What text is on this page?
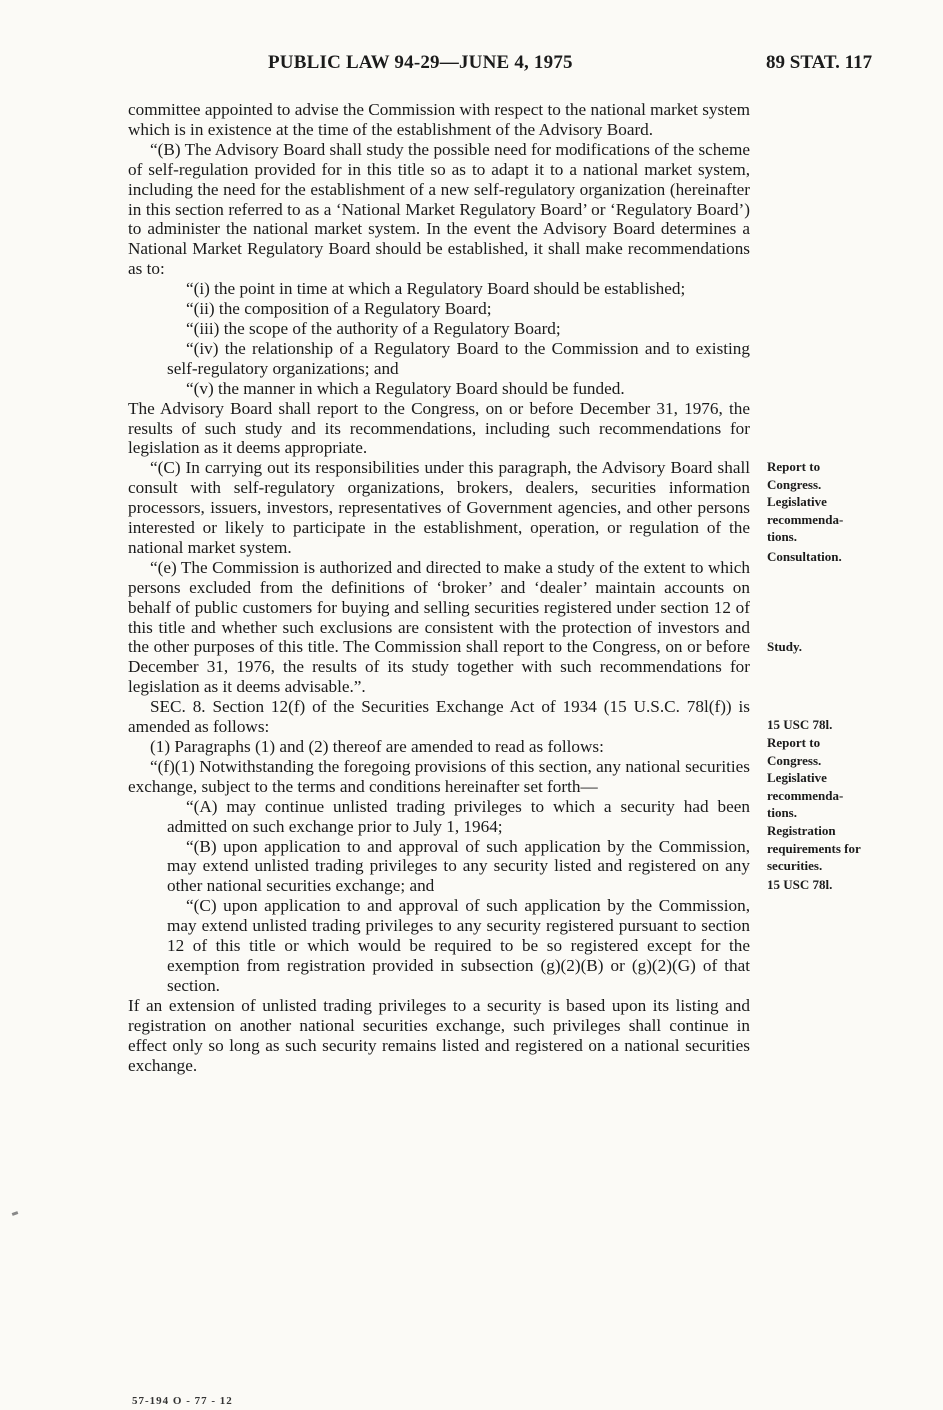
PUBLIC LAW 94-29—JUNE 4, 1975	89 STAT. 117

committee appointed to advise the Commission with respect to the national market system which is in existence at the time of the establishment of the Advisory Board.

“(B) The Advisory Board shall study the possible need for modifications of the scheme of self-regulation provided for in this title so as to adapt it to a national market system, including the need for the establishment of a new self-regulatory organization (hereinafter in this section referred to as a ‘National Market Regulatory Board’ or ‘Regulatory Board’) to administer the national market system. In the event the Advisory Board determines a National Market Regulatory Board should be established, it shall make recommendations as to:

“(i) the point in time at which a Regulatory Board should be established;

“(ii) the composition of a Regulatory Board;

“(iii) the scope of the authority of a Regulatory Board;

“(iv) the relationship of a Regulatory Board to the Commission and to existing self-regulatory organizations; and

“(v) the manner in which a Regulatory Board should be funded.

The Advisory Board shall report to the Congress, on or before December 31, 1976, the results of such study and its recommendations, including such recommendations for legislation as it deems appropriate.

“(C) In carrying out its responsibilities under this paragraph, the Advisory Board shall consult with self-regulatory organizations, brokers, dealers, securities information processors, issuers, investors, representatives of Government agencies, and other persons interested or likely to participate in the establishment, operation, or regulation of the national market system.

“(e) The Commission is authorized and directed to make a study of the extent to which persons excluded from the definitions of ‘broker’ and ‘dealer’ maintain accounts on behalf of public customers for buying and selling securities registered under section 12 of this title and whether such exclusions are consistent with the protection of investors and the other purposes of this title. The Commission shall report to the Congress, on or before December 31, 1976, the results of its study together with such recommendations for legislation as it deems advisable.”.

SEC. 8. Section 12(f) of the Securities Exchange Act of 1934 (15 U.S.C. 78l(f)) is amended as follows:

(1) Paragraphs (1) and (2) thereof are amended to read as follows:

“(f)(1) Notwithstanding the foregoing provisions of this section, any national securities exchange, subject to the terms and conditions hereinafter set forth—

“(A) may continue unlisted trading privileges to which a security had been admitted on such exchange prior to July 1, 1964;

“(B) upon application to and approval of such application by the Commission, may extend unlisted trading privileges to any security listed and registered on any other national securities exchange; and

“(C) upon application to and approval of such application by the Commission, may extend unlisted trading privileges to any security registered pursuant to section 12 of this title or which would be required to be so registered except for the exemption from registration provided in subsection (g)(2)(B) or (g)(2)(G) of that section.

If an extension of unlisted trading privileges to a security is based upon its listing and registration on another national securities exchange, such privileges shall continue in effect only so long as such security remains listed and registered on a national securities exchange.

Report to
Congress.
Legislative
recommenda-
tions.
Consultation.
Study.
15 USC 78l.
Report to
Congress.
Legislative
recommenda-
tions.
Registration
requirements for
securities.
15 USC 78l.
57-194 O - 77 - 12
